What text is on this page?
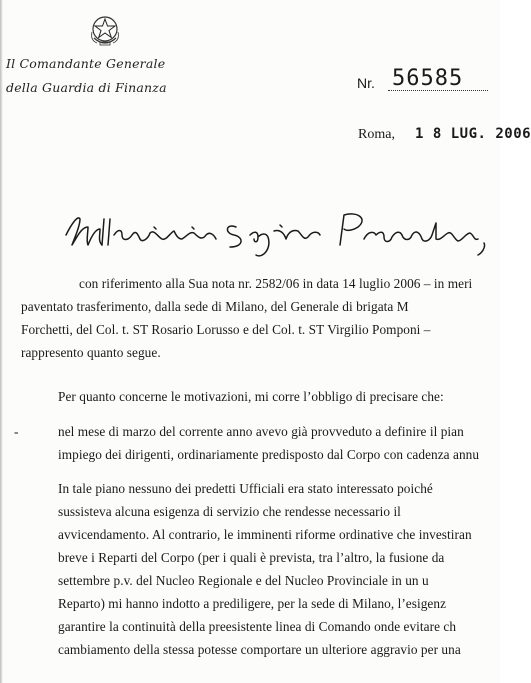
Il Comandante Generale
della Guardia di Finanza	Nr. 56585
Roma, 1 8 LUG. 2006
con riferimento alla Sua nota nr. 2582/06 in data 14 luglio 2006 – in meri
paventato trasferimento, dalla sede di Milano, del Generale di brigata M
Forchetti, del Col. t. ST Rosario Lorusso e del Col. t. ST Virgilio Pomponi –
rappresento quanto segue.
Per quanto concerne le motivazioni, mi corre l’obbligo di precisare che:
-	nel mese di marzo del corrente anno avevo già provveduto a definire il pian
impiego dei dirigenti, ordinariamente predisposto dal Corpo con cadenza annu
In tale piano nessuno dei predetti Ufficiali era stato interessato poiché
sussisteva alcuna esigenza di servizio che rendesse necessario il
avvicendamento. Al contrario, le imminenti riforme ordinative che investiran
breve i Reparti del Corpo (per i quali è prevista, tra l’altro, la fusione da
settembre p.v. del Nucleo Regionale e del Nucleo Provinciale in un u
Reparto) mi hanno indotto a prediligere, per la sede di Milano, l’esigenz
garantire la continuità della preesistente linea di Comando onde evitare ch
cambiamento della stessa potesse comportare un ulteriore aggravio per una
